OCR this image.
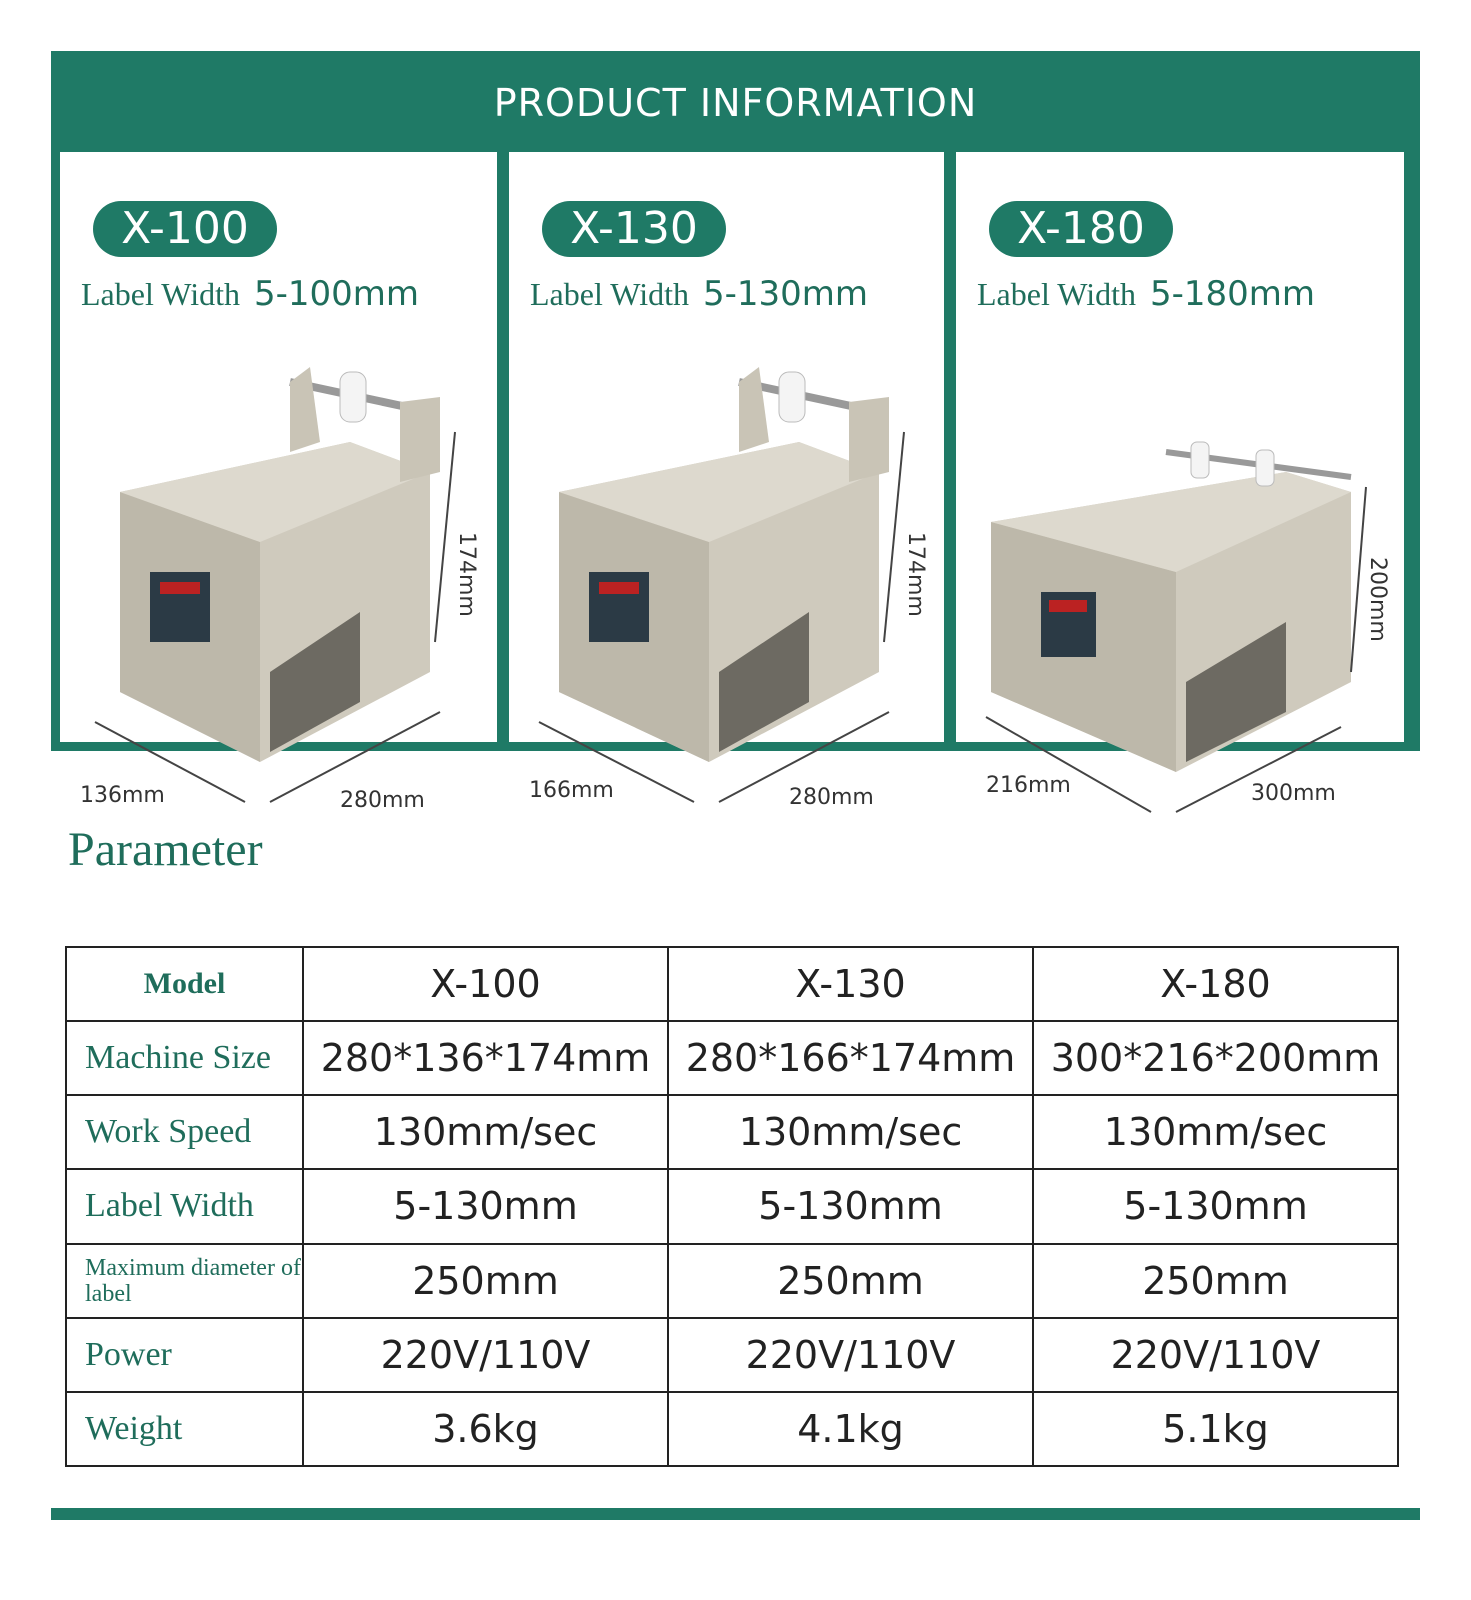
PRODUCT INFORMATION
X-100
Label Width 5-100mm
174mm
136mm	280mm
X-130
Label Width 5-130mm
174mm
166mm	280mm
X-180
Label Width 5-180mm
200mm
216mm	300mm
Parameter
Model	X-100	X-130	X-180
Machine Size	280*136*174mm	280*166*174mm	300*216*200mm
Work Speed	130mm/sec	130mm/sec	130mm/sec
Label Width	5-130mm	5-130mm	5-130mm
Maximum diameter of label	250mm	250mm	250mm
Power	220V/110V	220V/110V	220V/110V
Weight	3.6kg	4.1kg	5.1kg
